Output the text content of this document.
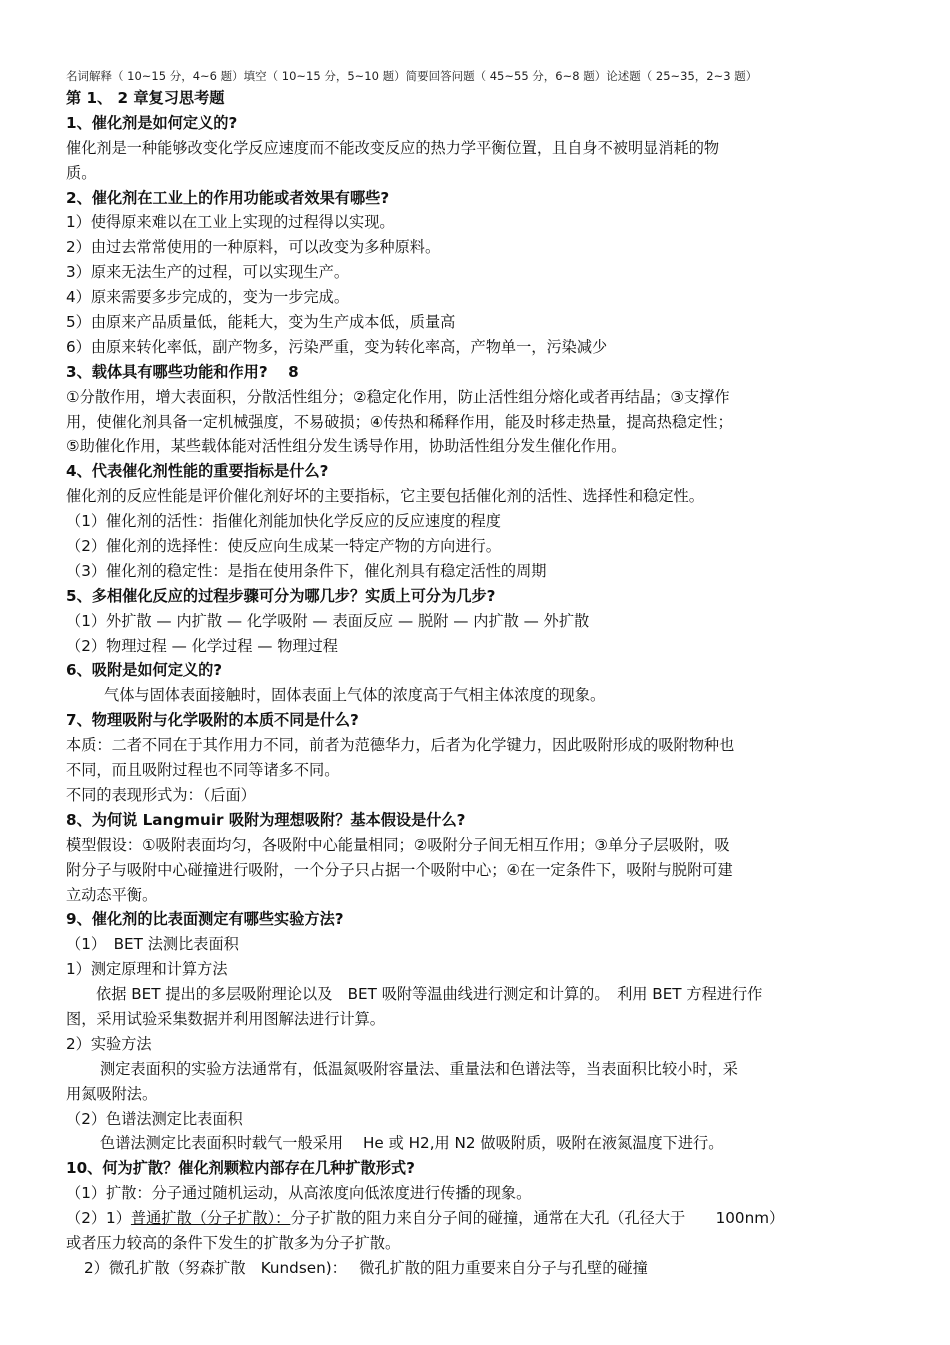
名词解释（ 10~15 分，4~6 题）填空（ 10~15 分，5~10 题）简要回答问题（ 45~55 分，6~8 题）论述题（ 25~35，2~3 题）
第 1、 2 章复习思考题
1、催化剂是如何定义的?
催化剂是一种能够改变化学反应速度而不能改变反应的热力学平衡位置，且自身不被明显消耗的物
质。
2、催化剂在工业上的作用功能或者效果有哪些?
1）使得原来难以在工业上实现的过程得以实现。
2）由过去常常使用的一种原料，可以改变为多种原料。
3）原来无法生产的过程，可以实现生产。
4）原来需要多步完成的，变为一步完成。
5）由原来产品质量低，能耗大，变为生产成本低，质量高
6）由原来转化率低，副产物多，污染严重，变为转化率高，产物单一，污染减少
3、载体具有哪些功能和作用?　 8
①分散作用，增大表面积，分散活性组分；②稳定化作用，防止活性组分熔化或者再结晶；③支撑作
用，使催化剂具备一定机械强度，不易破损；④传热和稀释作用，能及时移走热量，提高热稳定性；
⑤助催化作用，某些载体能对活性组分发生诱导作用，协助活性组分发生催化作用。
4、代表催化剂性能的重要指标是什么?
催化剂的反应性能是评价催化剂好坏的主要指标，它主要包括催化剂的活性、选择性和稳定性。
（1）催化剂的活性：指催化剂能加快化学反应的反应速度的程度
（2）催化剂的选择性：使反应向生成某一特定产物的方向进行。
（3）催化剂的稳定性：是指在使用条件下，催化剂具有稳定活性的周期
5、多相催化反应的过程步骤可分为哪几步？实质上可分为几步?
（1）外扩散 — 内扩散 — 化学吸附 — 表面反应 — 脱附 — 内扩散 — 外扩散
（2）物理过程 — 化学过程 — 物理过程
6、吸附是如何定义的?
气体与固体表面接触时，固体表面上气体的浓度高于气相主体浓度的现象。
7、物理吸附与化学吸附的本质不同是什么?
本质：二者不同在于其作用力不同，前者为范德华力，后者为化学键力，因此吸附形成的吸附物种也
不同，而且吸附过程也不同等诸多不同。
不同的表现形式为：（后面）
8、为何说 Langmuir 吸附为理想吸附？基本假设是什么?
模型假设：①吸附表面均匀，各吸附中心能量相同；②吸附分子间无相互作用；③单分子层吸附，吸
附分子与吸附中心碰撞进行吸附，一个分子只占据一个吸附中心；④在一定条件下，吸附与脱附可建
立动态平衡。
9、催化剂的比表面测定有哪些实验方法?
（1）　BET 法测比表面积
1）测定原理和计算方法
依据 BET 提出的多层吸附理论以及　BET 吸附等温曲线进行测定和计算的。　利用 BET 方程进行作
图，采用试验采集数据并利用图解法进行计算。
2）实验方法
测定表面积的实验方法通常有，低温氮吸附容量法、重量法和色谱法等，当表面积比较小时，采
用氮吸附法。
（2）色谱法测定比表面积
色谱法测定比表面积时载气一般采用　 He 或 H2,用 N2 做吸附质，吸附在液氮温度下进行。
10、何为扩散？催化剂颗粒内部存在几种扩散形式?
（1）扩散：分子通过随机运动，从高浓度向低浓度进行传播的现象。
（2）1）普通扩散（分子扩散）：分子扩散的阻力来自分子间的碰撞，通常在大孔（孔径大于　　100nm）
或者压力较高的条件下发生的扩散多为分子扩散。
2）微孔扩散（努森扩散　Kundsen)：　 微孔扩散的阻力重要来自分子与孔壁的碰撞
